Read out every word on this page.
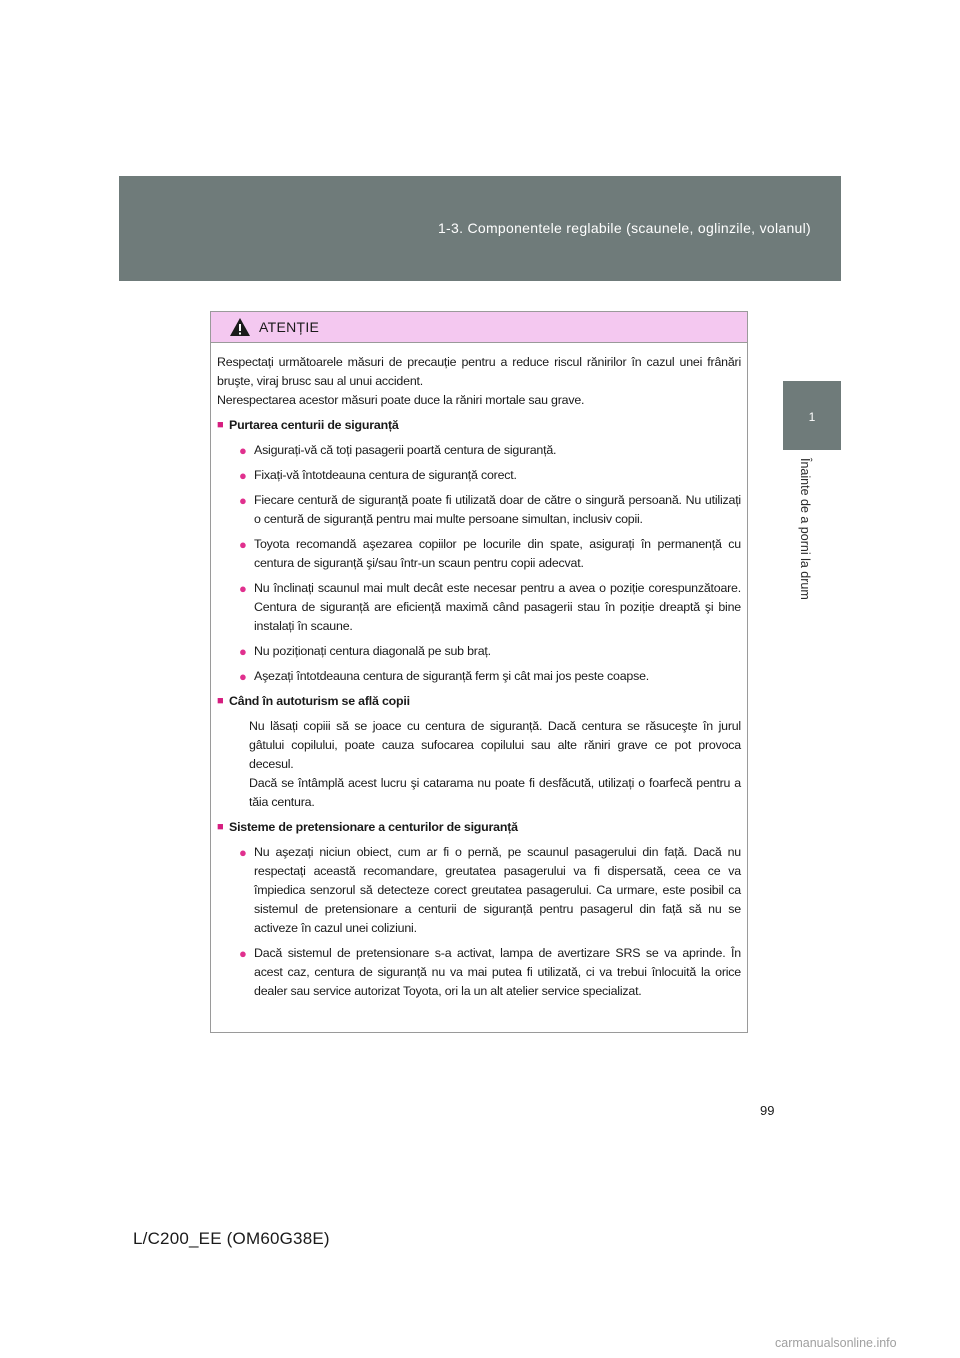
1-3. Componentele reglabile (scaunele, oglinzile, volanul)
1
Înainte de a porni la drum
ATENȚIE

Respectați următoarele măsuri de precauție pentru a reduce riscul rănirilor în cazul unei frânări bruşte, viraj brusc sau al unui accident.
Nerespectarea acestor măsuri poate duce la răniri mortale sau grave.

■ Purtarea centurii de siguranță
● Asigurați-vă că toți pasagerii poartă centura de siguranță.
● Fixați-vă întotdeauna centura de siguranță corect.
● Fiecare centură de siguranță poate fi utilizată doar de către o singură persoană. Nu utilizați o centură de siguranță pentru mai multe persoane simultan, inclusiv copii.
● Toyota recomandă aşezarea copiilor pe locurile din spate, asigurați în permanență cu centura de siguranță şi/sau într-un scaun pentru copii adecvat.
● Nu înclinați scaunul mai mult decât este necesar pentru a avea o poziție corespunzătoare. Centura de siguranță are eficiență maximă când pasagerii stau în poziție dreaptă şi bine instalați în scaune.
● Nu poziționați centura diagonală pe sub braț.
● Aşezați întotdeauna centura de siguranță ferm şi cât mai jos peste coapse.
■ Când în autoturism se află copii

Nu lăsați copiii să se joace cu centura de siguranță. Dacă centura se răsuceşte în jurul gâtului copilului, poate cauza sufocarea copilului sau alte răniri grave ce pot provoca decesul.
Dacă se întâmplă acest lucru şi catarama nu poate fi desfăcută, utilizați o foarfecă pentru a tăia centura.

■ Sisteme de pretensionare a centurilor de siguranță
● Nu aşezați niciun obiect, cum ar fi o pernă, pe scaunul pasagerului din față. Dacă nu respectați această recomandare, greutatea pasagerului va fi dispersată, ceea ce va împiedica senzorul să detecteze corect greutatea pasagerului. Ca urmare, este posibil ca sistemul de pretensionare a centurii de siguranță pentru pasagerul din față să nu se activeze în cazul unei coliziuni.
● Dacă sistemul de pretensionare s-a activat, lampa de avertizare SRS se va aprinde. În acest caz, centura de siguranță nu va mai putea fi utilizată, ci va trebui înlocuită la orice dealer sau service autorizat Toyota, ori la un alt atelier service specializat.
99
L/C200_EE (OM60G38E)
carmanualsonline.info
